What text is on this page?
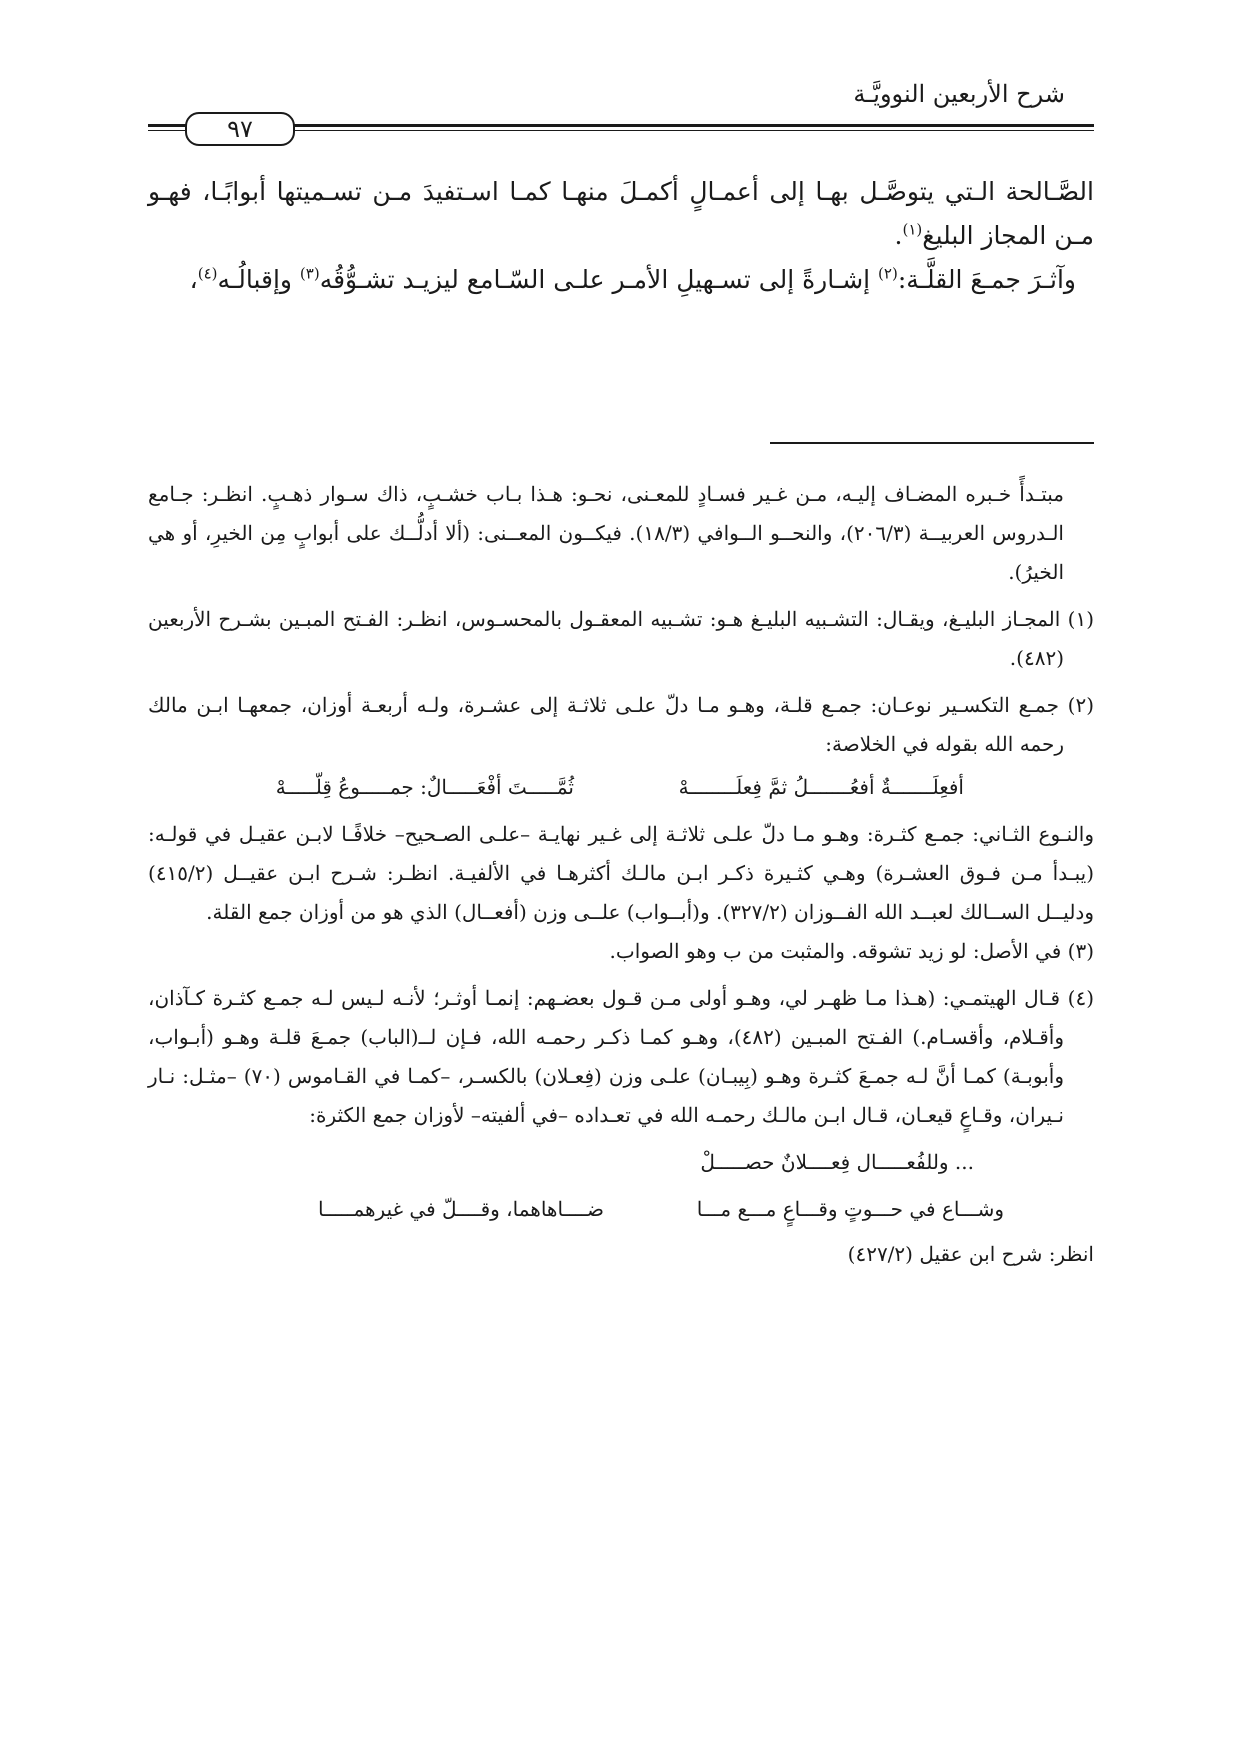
شرح الأربعين النوويَّـة
٩٧

الصَّـالحة الـتي يتوصَّـل بهـا إلى أعمـالٍ أكمـلَ منهـا كمـا اسـتفيدَ مـن تسـميتها أبوابًـا، فهـو مـن المجاز البليغ$^{(١)}$.

وآثـرَ جمـعَ القلَّـة:$^{(٢)}$ إشـارةً إلى تسـهيلِ الأمـر علـى السّـامع ليزيـد تشـوُّقُه$^{(٣)}$ وإقبالُـه$^{(٤)}$،

مبتـدأً خـبره المضـاف إليـه، مـن غـير فسـادٍ للمعـنى، نحـو: هـذا بـاب خشـبٍ، ذاك سـوار ذهـبٍ. انظـر: جـامع الـدروس العربيــة (٢٠٦/٣)، والنحــو الــوافي (١٨/٣). فيكــون المعــنى: (ألا أدلُّــك على أبوابٍ مِن الخيرِ، أو هي الخيرُ).

(١) المجـاز البليـغ، ويقـال: التشـبيه البليـغ هـو: تشـبيه المعقـول بالمحسـوس، انظـر: الفـتح المبـين بشـرح الأربعين (٤٨٢).

(٢) جمـع التكسـير نوعـان: جمـع قلـة، وهـو مـا دلّ علـى ثلاثـة إلى عشـرة، ولـه أربعـة أوزان، جمعهـا ابـن مالك رحمه الله بقوله في الخلاصة:

أفعِلَـــــــةٌ أفعُـــــــلُ ثمَّ فِعلَــــــــهْ
ثُمَّـــــتَ أفْعَـــــالٌ: جمـــــوعُ قِلّـــــهْ

والنـوع الثـاني: جمـع كثـرة: وهـو مـا دلّ علـى ثلاثـة إلى غـير نهايـة –علـى الصـحيح– خلافًـا لابـن عقيـل في قولـه: (يبـدأ مـن فـوق العشـرة) وهـي كثـيرة ذكـر ابـن مالـك أكثرهـا في الألفيـة. انظـر: شـرح ابـن عقيــل (٤١٥/٢) ودليــل الســالك لعبــد الله الفــوزان (٣٢٧/٢). و(أبــواب) علــى وزن (أفعــال) الذي هو من أوزان جمع القلة.

(٣) في الأصل: لو زيد تشوقه. والمثبت من ب وهو الصواب.

(٤) قـال الهيتمـي: (هـذا مـا ظهـر لي، وهـو أولى مـن قـول بعضـهم: إنمـا أوثـر؛ لأنـه لـيس لـه جمـع كثـرة كـآذان، وأقـلام، وأقسـام.) الفـتح المبـين (٤٨٢)، وهـو كمـا ذكـر رحمـه الله، فـإن لــ(الباب) جمـعَ قلـة وهـو (أبـواب، وأبوبـة) كمـا أنَّ لـه جمـعَ كثـرة وهـو (بِيبـان) علـى وزن (فِعـلان) بالكسـر، –كمـا في القـاموس (٧٠) –مثـل: نـار نـيران، وقـاعٍ قيعـان، قـال ابـن مالـك رحمـه الله في تعـداده –في ألفيته– لأوزان جمع الكثرة:

... وللفُعـــــال فِعــــلانٌ حصـــــلْ
وشـــاع في حـــوتٍ وقـــاعٍ مـــع مـــا
ضــــاهاهما، وقــــلّ في غيرهمـــــا

انظر: شرح ابن عقيل (٤٢٧/٢)
